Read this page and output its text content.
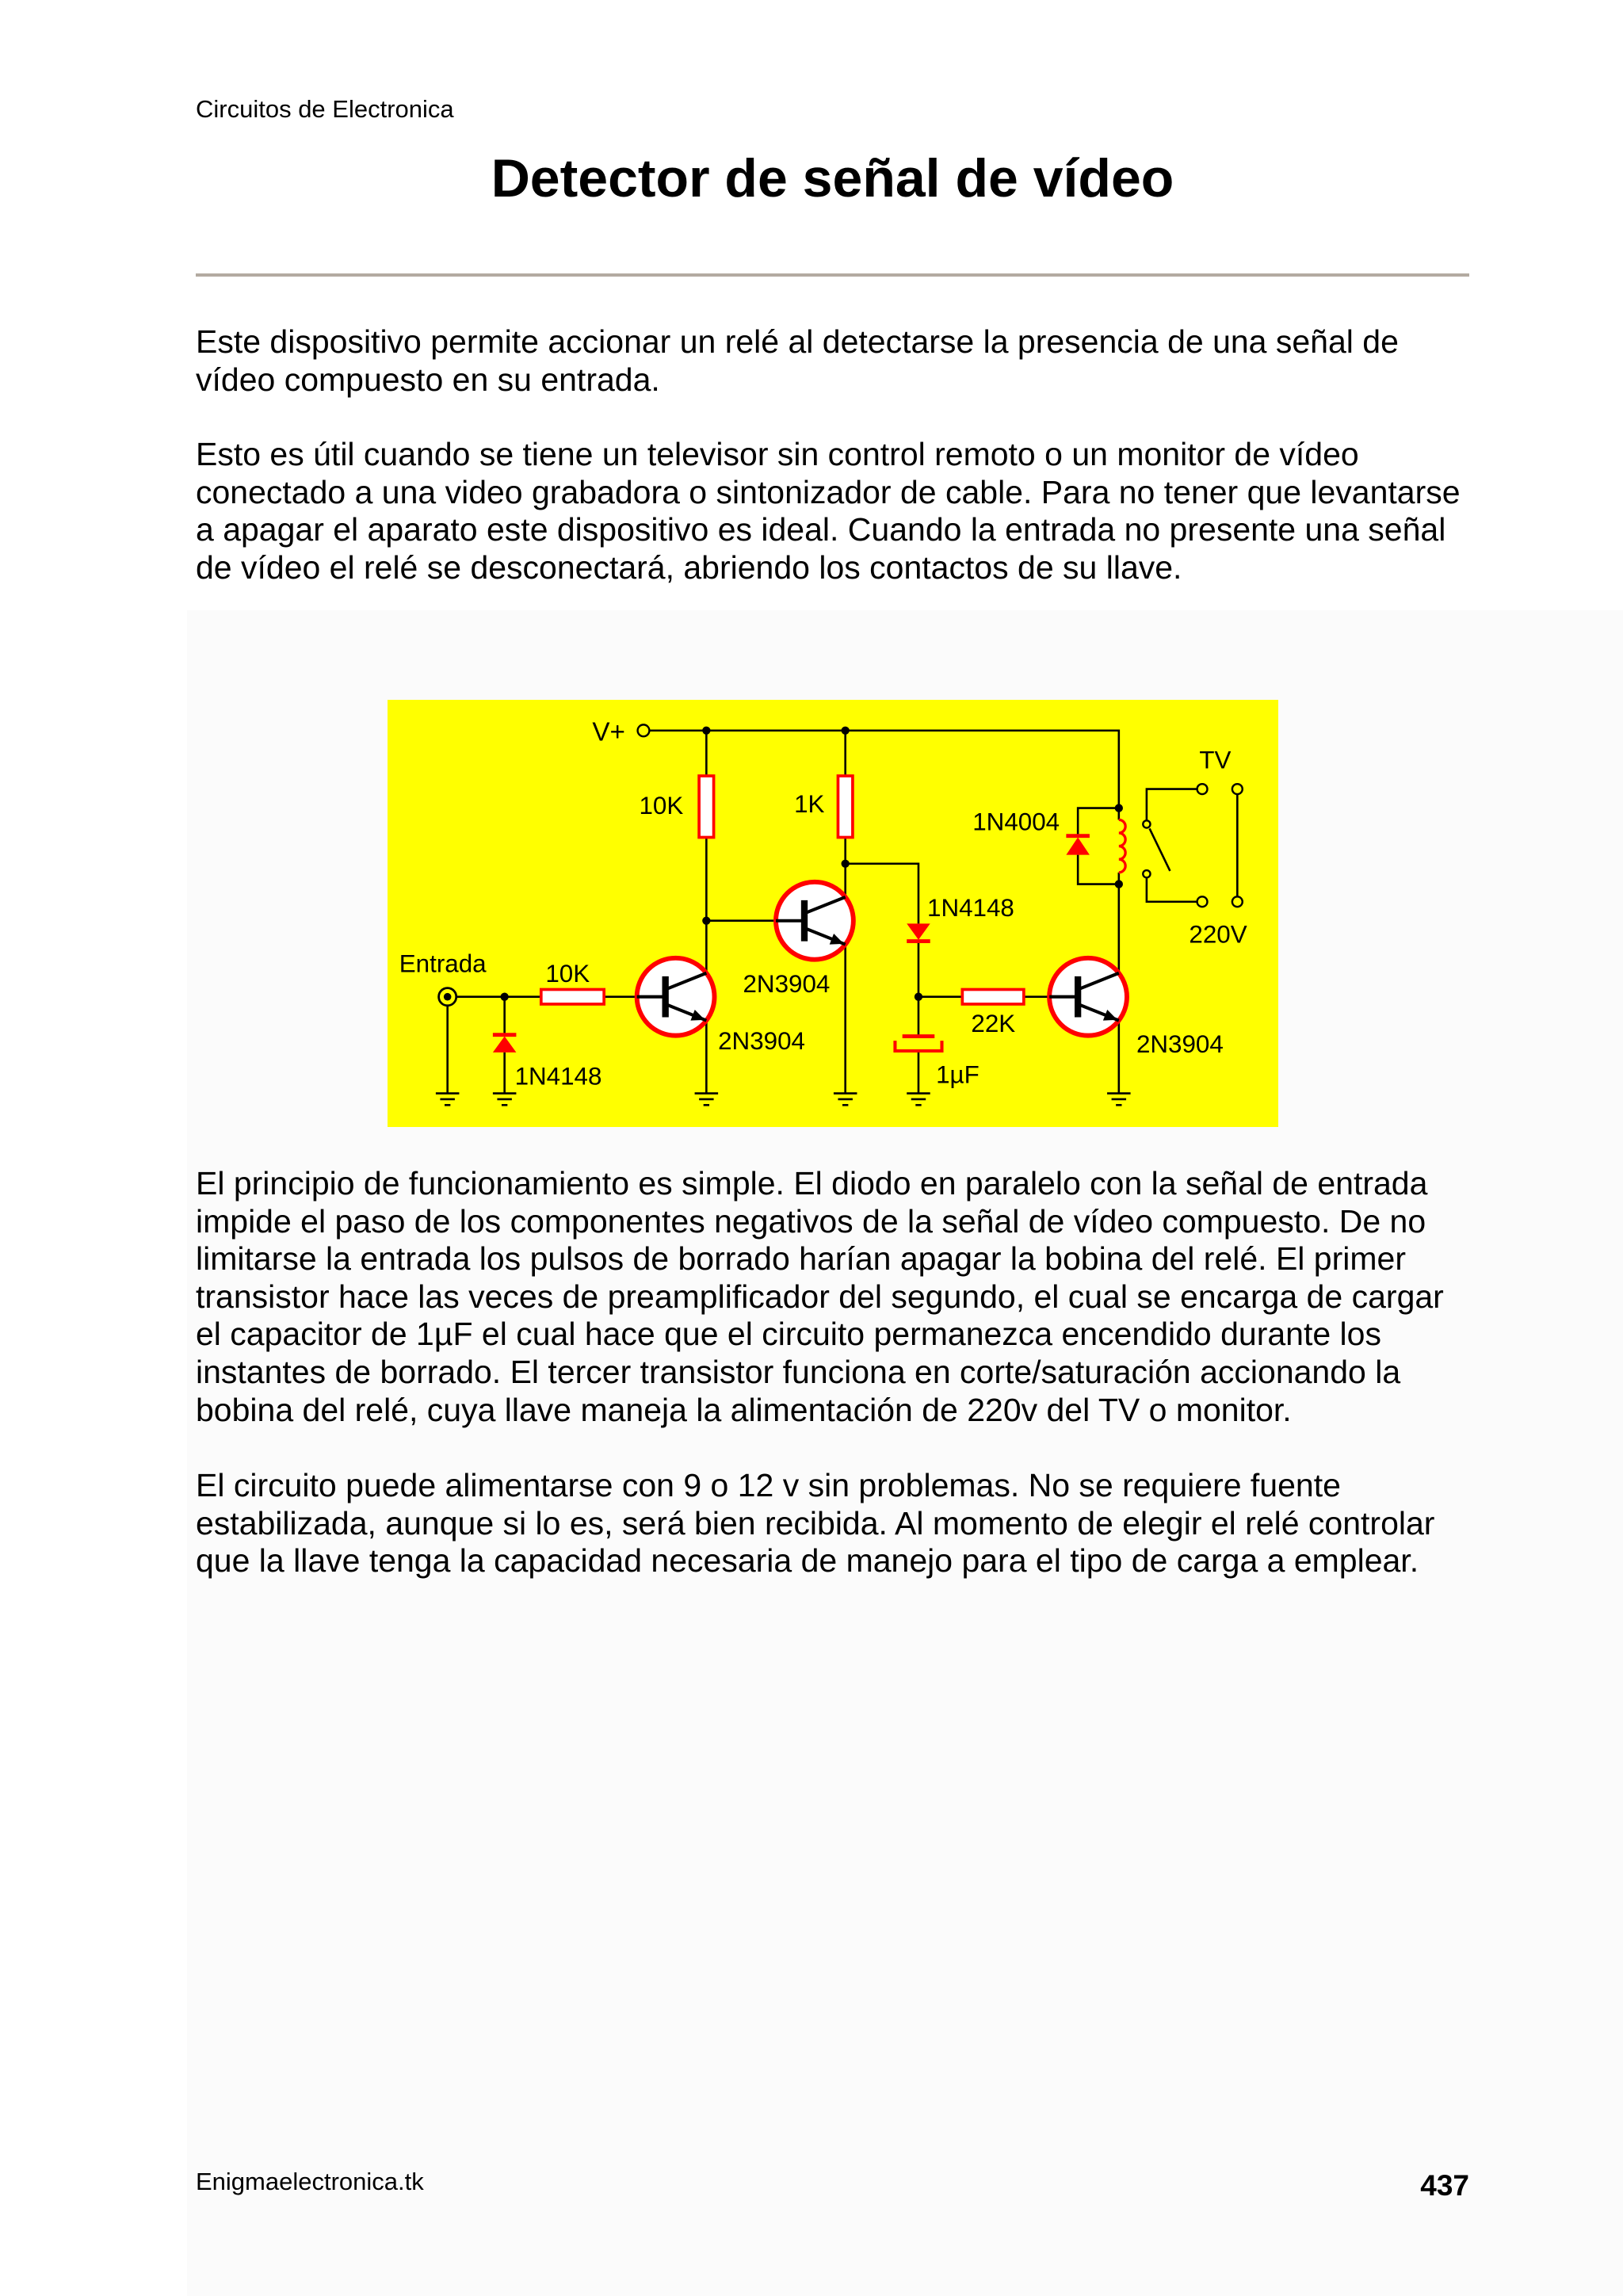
Circuitos de Electronica
Detector de señal de vídeo
Este dispositivo permite accionar un relé al detectarse la presencia de una señal de
vídeo compuesto en su entrada.
Esto es útil cuando se tiene un televisor sin control remoto o un monitor de vídeo
conectado a una video grabadora o sintonizador de cable. Para no tener que levantarse
a apagar el aparato este dispositivo es ideal. Cuando la entrada no presente una señal
de vídeo el relé se desconectará, abriendo los contactos de su llave.
V+
10K	1K
1N4004
TV
1N4148
220V
Entrada	10K	2N3904
2N3904
22K
2N3904
1N4148	1µF
El principio de funcionamiento es simple. El diodo en paralelo con la señal de entrada
impide el paso de los componentes negativos de la señal de vídeo compuesto. De no
limitarse la entrada los pulsos de borrado harían apagar la bobina del relé. El primer
transistor hace las veces de preamplificador del segundo, el cual se encarga de cargar
el capacitor de 1µF el cual hace que el circuito permanezca encendido durante los
instantes de borrado. El tercer transistor funciona en corte/saturación accionando la
bobina del relé, cuya llave maneja la alimentación de 220v del TV o monitor.
El circuito puede alimentarse con 9 o 12 v sin problemas. No se requiere fuente
estabilizada, aunque si lo es, será bien recibida. Al momento de elegir el relé controlar
que la llave tenga la capacidad necesaria de manejo para el tipo de carga a emplear.
Enigmaelectronica.tk	437
